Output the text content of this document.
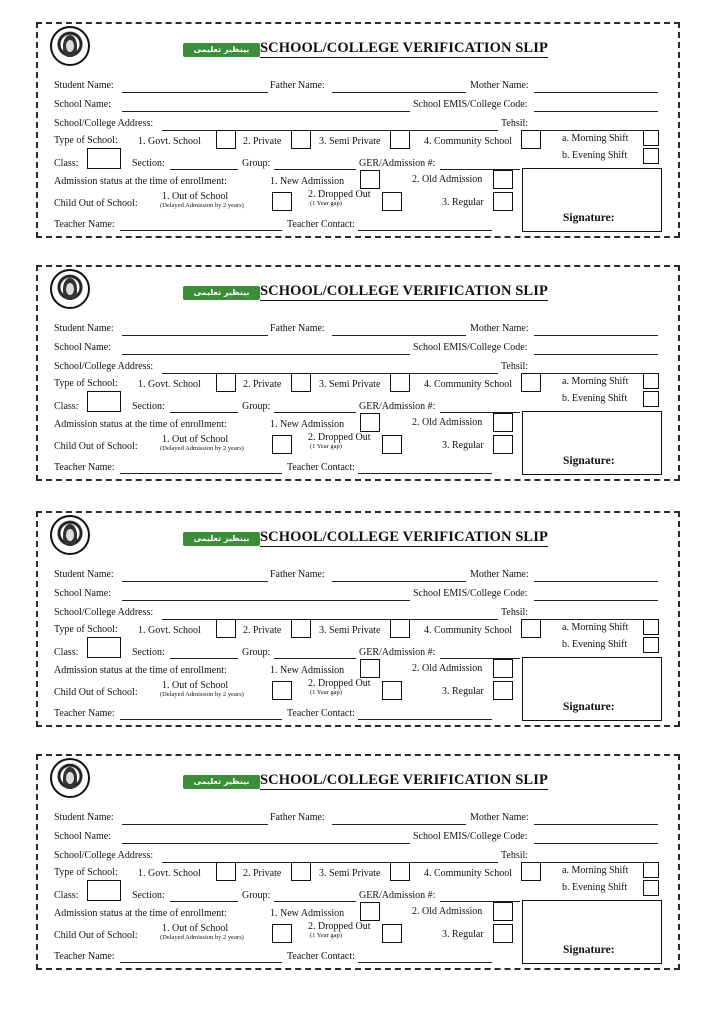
بینظیر تعلیمی وظائف
SCHOOL/COLLEGE VERIFICATION SLIP
Student Name:	Father Name:	Mother Name:
School Name:	School EMIS/College Code:
School/College Address:	Tehsil:
Type of School: 1. Govt. School	2. Private	3. Semi Private	4. Community School	a. Morning Shift
b. Evening Shift
Class:	Section:	Group:	GER/Admission #:
Admission status at the time of enrollment:	1. New Admission	2. Old Admission
Child Out of School:
1. Out of School
(Delayed Admission by 2 years)
2. Dropped Out
(1 Year gap)	3. Regular
Teacher Name:	Teacher Contact:
Signature:
بینظیر تعلیمی وظائف
SCHOOL/COLLEGE VERIFICATION SLIP
Student Name:	Father Name:	Mother Name:
School Name:	School EMIS/College Code:
School/College Address:	Tehsil:
Type of School: 1. Govt. School	2. Private	3. Semi Private	4. Community School	a. Morning Shift
b. Evening Shift
Class:	Section:	Group:	GER/Admission #:
Admission status at the time of enrollment:	1. New Admission	2. Old Admission
Child Out of School:
1. Out of School
(Delayed Admission by 2 years)
2. Dropped Out
(1 Year gap)	3. Regular
Teacher Name:	Teacher Contact:
Signature:
بینظیر تعلیمی وظائف
SCHOOL/COLLEGE VERIFICATION SLIP
Student Name:	Father Name:	Mother Name:
School Name:	School EMIS/College Code:
School/College Address:	Tehsil:
Type of School: 1. Govt. School	2. Private	3. Semi Private	4. Community School	a. Morning Shift
b. Evening Shift
Class:	Section:	Group:	GER/Admission #:
Admission status at the time of enrollment:	1. New Admission	2. Old Admission
Child Out of School:
1. Out of School
(Delayed Admission by 2 years)
2. Dropped Out
(1 Year gap)	3. Regular
Teacher Name:	Teacher Contact:
Signature:
بینظیر تعلیمی وظائف
SCHOOL/COLLEGE VERIFICATION SLIP
Student Name:	Father Name:	Mother Name:
School Name:	School EMIS/College Code:
School/College Address:	Tehsil:
Type of School: 1. Govt. School	2. Private	3. Semi Private	4. Community School	a. Morning Shift
b. Evening Shift
Class:	Section:	Group:	GER/Admission #:
Admission status at the time of enrollment:	1. New Admission	2. Old Admission
Child Out of School:
1. Out of School
(Delayed Admission by 2 years)
2. Dropped Out
(1 Year gap)	3. Regular
Teacher Name:	Teacher Contact:
Signature:
